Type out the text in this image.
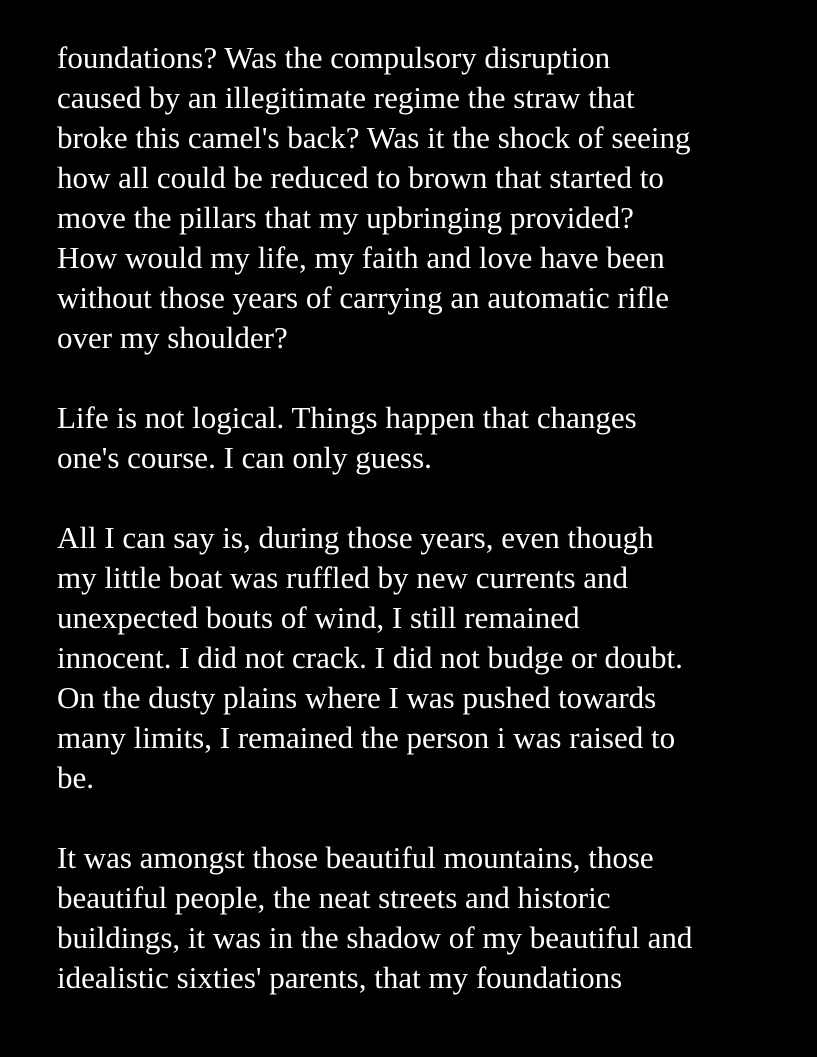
foundations? Was the compulsory disruption
caused by an illegitimate regime the straw that
broke this camel's back? Was it the shock of seeing
how all could be reduced to brown that started to
move the pillars that my upbringing provided?
How would my life, my faith and love have been
without those years of carrying an automatic rifle
over my shoulder?
Life is not logical. Things happen that changes
one's course. I can only guess.
All I can say is, during those years, even though
my little boat was ruffled by new currents and
unexpected bouts of wind, I still remained
innocent. I did not crack. I did not budge or doubt.
On the dusty plains where I was pushed towards
many limits, I remained the person i was raised to
be.
It was amongst those beautiful mountains, those
beautiful people, the neat streets and historic
buildings, it was in the shadow of my beautiful and
idealistic sixties' parents, that my foundations
